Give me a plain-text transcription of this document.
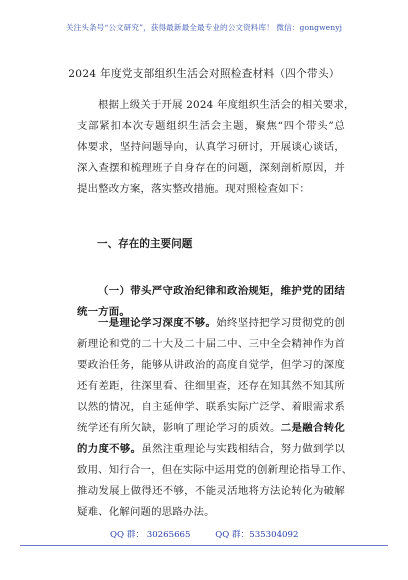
关注头条号“公文研究”，获得最新最全最专业的公文资料库！ 微信：gongwenyj
2024 年度党支部组织生活会对照检查材料（四个带头）
根据上级关于开展 2024 年度组织生活会的相关要求，
支部紧扣本次专题组织生活会主题，聚焦“四个带头”总
体要求，坚持问题导向，认真学习研讨，开展谈心谈话，
深入查摆和梳理班子自身存在的问题，深刻剖析原因，并
提出整改方案，落实整改措施。现对照检查如下：
一、存在的主要问题
（一）带头严守政治纪律和政治规矩，维护党的团结
统一方面。
一是理论学习深度不够。始终坚持把学习贯彻党的创
新理论和党的二十大及二十届二中、三中全会精神作为首
要政治任务，能够从讲政治的高度自觉学，但学习的深度
还有差距，往深里看、往细里查，还存在知其然不知其所
以然的情况，自主延伸学、联系实际广泛学、着眼需求系
统学还有所欠缺，影响了理论学习的质效。二是融合转化
的力度不够。虽然注重理论与实践相结合，努力做到学以
致用、知行合一，但在实际中运用党的创新理论指导工作、
推动发展上做得还不够，不能灵活地将方法论转化为破解
疑难、化解问题的思路办法。
QQ 群： 30265665	QQ 群：535304092
